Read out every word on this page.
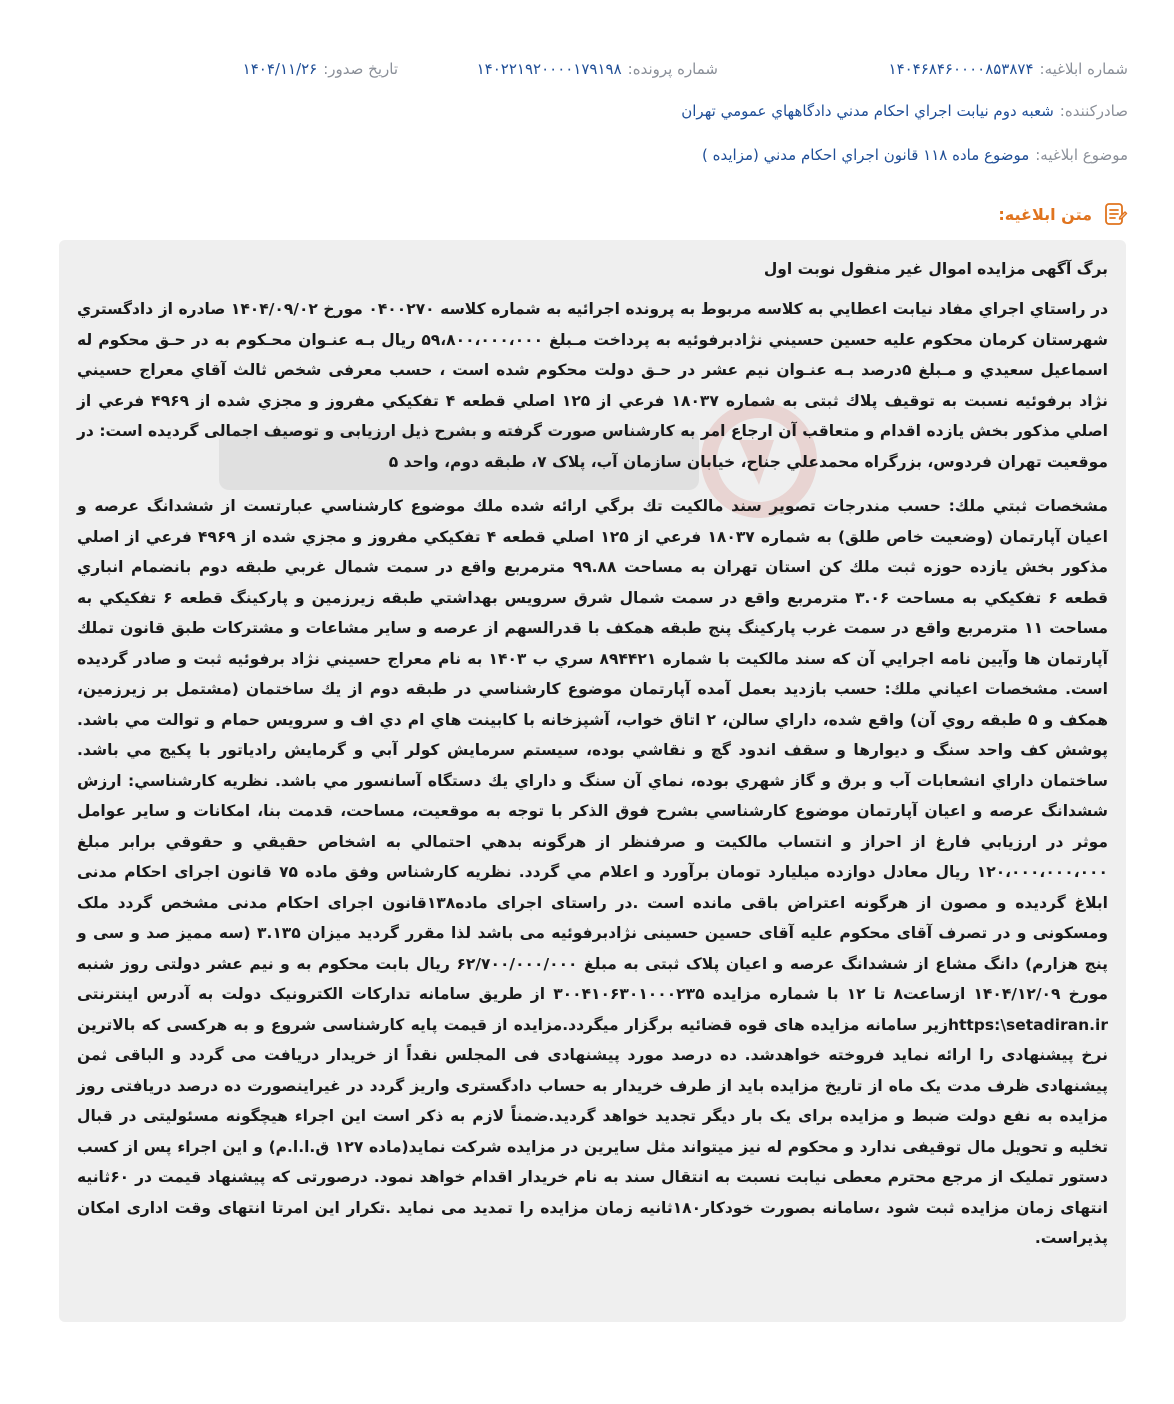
شماره ابلاغيه:
۱۴۰۴۶۸۴۶۰۰۰۰۸۵۳۸۷۴
شماره پرونده:
۱۴۰۲۲۱۹۲۰۰۰۰۱۷۹۱۹۸
تاريخ صدور:
۱۴۰۴/۱۱/۲۶
صادرکننده:
شعبه دوم نيابت اجراي احکام مدني دادگاههاي عمومي تهران
موضوع ابلاغيه:
موضوع ماده ۱۱۸ قانون اجراي احکام مدني (مزايده )
متن ابلاغيه:
برگ آگهی مزایده اموال غیر منقول نوبت اول

در راستاي اجراي مفاد نيابت اعطايي به كلاسه مربوط به پرونده اجرائيه به شماره كلاسه ۰۴۰۰۲۷۰ مورخ ۱۴۰۴/۰۹/۰۲ صادره از دادگستري شهرستان كرمان محكوم عليه حسين حسيني نژادبرفوئيه به پرداخت مـبلغ ۵۹،۸۰۰،۰۰۰،۰۰۰ ريال بـه عنـوان محـكوم به در حـق محكوم له اسماعيل سعيدي و مـبلغ ۵درصد بـه عنـوان نيم عشر در حـق دولت محكوم شده است ، حسب معرفی شخص ثالث آقاي معراج حسيني نژاد برفوئيه نسبت به توقيف پلاك ثبتی به شماره ۱۸۰۳۷ فرعي از ۱۲۵ اصلي قطعه ۴ تفکيکي مفروز و مجزي شده از ۴۹۶۹ فرعي از اصلي مذكور بخش يازده اقدام و متعاقب آن ارجاع امر به كارشناس صورت گرفته و بشرح ذيل ارزيابی و توصيف اجمالی گرديده است: در موقعيت تهران فردوس، بزرگراه محمدعلي جناح، خيابان سازمان آب، پلاک ۷، طبقه دوم، واحد ۵

مشخصات ثبتي ملك: حسب مندرجات تصوير سند مالكيت تك برگي ارائه شده ملك موضوع كارشناسي عبارتست از ششدانگ عرصه و اعيان آپارتمان (وضعيت خاص طلق) به شماره ۱۸۰۳۷ فرعي از ۱۲۵ اصلي قطعه ۴ تفكيكي مفروز و مجزي شده از ۴۹۶۹ فرعي از اصلي مذكور بخش يازده حوزه ثبت ملك كن استان تهران به مساحت ۹۹.۸۸ مترمربع واقع در سمت شمال غربي طبقه دوم بانضمام انباري قطعه ۶ تفكيكي به مساحت ۳.۰۶ مترمربع واقع در سمت شمال شرق سرويس بهداشتي طبقه زيرزمين و پاركينگ قطعه ۶ تفكيكي به مساحت ۱۱ مترمربع واقع در سمت غرب پاركينگ پنج طبقه همكف با قدرالسهم از عرصه و ساير مشاعات و مشتركات طبق قانون تملك آپارتمان ها وآيين نامه اجرايي آن كه سند مالكيت با شماره ۸۹۴۴۲۱ سري ب ۱۴۰۳ به نام معراج حسيني نژاد برفوئيه ثبت و صادر گرديده است. مشخصات اعياني ملك: حسب بازديد بعمل آمده آپارتمان موضوع كارشناسي در طبقه دوم از يك ساختمان (مشتمل بر زيرزمين، همكف و ۵ طبقه روي آن) واقع شده، داراي سالن، ۲ اتاق خواب، آشپزخانه با كابينت هاي ام دي اف و سرويس حمام و توالت مي باشد. پوشش كف واحد سنگ و ديوارها و سقف اندود گچ و نقاشي بوده، سيستم سرمايش كولر آبي و گرمايش رادياتور با پكيج مي باشد. ساختمان داراي انشعابات آب و برق و گاز شهري بوده، نماي آن سنگ و داراي يك دستگاه آسانسور مي باشد. نظريه كارشناسي: ارزش ششدانگ عرصه و اعيان آپارتمان موضوع كارشناسي بشرح فوق الذكر با توجه به موقعيت، مساحت، قدمت بنا، امكانات و ساير عوامل موثر در ارزيابي فارغ از احراز و انتساب مالكيت و صرفنظر از هرگونه بدهي احتمالي به اشخاص حقيقي و حقوقي برابر مبلغ ۱۲۰،۰۰۰،۰۰۰،۰۰۰ ريال معادل دوازده ميليارد تومان برآورد و اعلام مي گردد. نظریه کارشناس وفق ماده ۷۵ قانون اجرای احکام مدنی ابلاغ گردیده و مصون از هرگونه اعتراض باقی مانده است .در راستای اجرای ماده۱۳۸قانون اجرای احکام مدنی مشخص گردد ملک ومسکونی و در تصرف آقای محکوم علیه آقای حسین حسینی نژادبرفوئیه می باشد لذا مقرر گردید میزان ۳.۱۳۵ (سه ممیز صد و سی و پنج هزارم) دانگ مشاع از ششدانگ عرصه و اعیان پلاک ثبتی به مبلغ ۶۲/۷۰۰/۰۰۰/۰۰۰ ریال بابت محکوم به و نیم عشر دولتی روز شنبه مورخ ۱۴۰۴/۱۲/۰۹ ازساعت۸ تا ۱۲ با شماره مزایده ۳۰۰۴۱۰۶۳۰۱۰۰۰۲۳۵ از طریق سامانه تدارکات الکترونیک دولت به آدرس اینترنتی https:\setadiran.irزیر سامانه مزایده های قوه قضائیه برگزار میگردد.مزایده از قیمت پایه کارشناسی شروع و به هرکسی که بالاترین نرخ پیشنهادی را ارائه نماید فروخته خواهدشد. ده درصد مورد پیشنهادی فی المجلس نقداً از خریدار دریافت می گردد و الباقی ثمن پیشنهادی ظرف مدت یک ماه از تاریخ مزایده باید از طرف خریدار به حساب دادگستری واریز گردد در غیراینصورت ده درصد دریافتی روز مزایده به نفع دولت ضبط و مزایده برای یک بار دیگر تجدید خواهد گردید.ضمناً لازم به ذکر است این اجراء هیچگونه مسئولیتی در قبال تخلیه و تحویل مال توقیفی ندارد و محکوم له نیز میتواند مثل سایرین در مزایده شرکت نماید(ماده ۱۲۷ ق.ا.ا.م) و این اجراء پس از کسب دستور تملیک از مرجع محترم معطی نیابت نسبت به انتقال سند به نام خریدار اقدام خواهد نمود. درصورتی که پیشنهاد قیمت در ۶۰ثانیه انتهای زمان مزایده ثبت شود ،سامانه بصورت خودکار۱۸۰ثانیه زمان مزایده را تمدید می نماید .تکرار این امرتا انتهای وقت اداری امکان پذیراست.
